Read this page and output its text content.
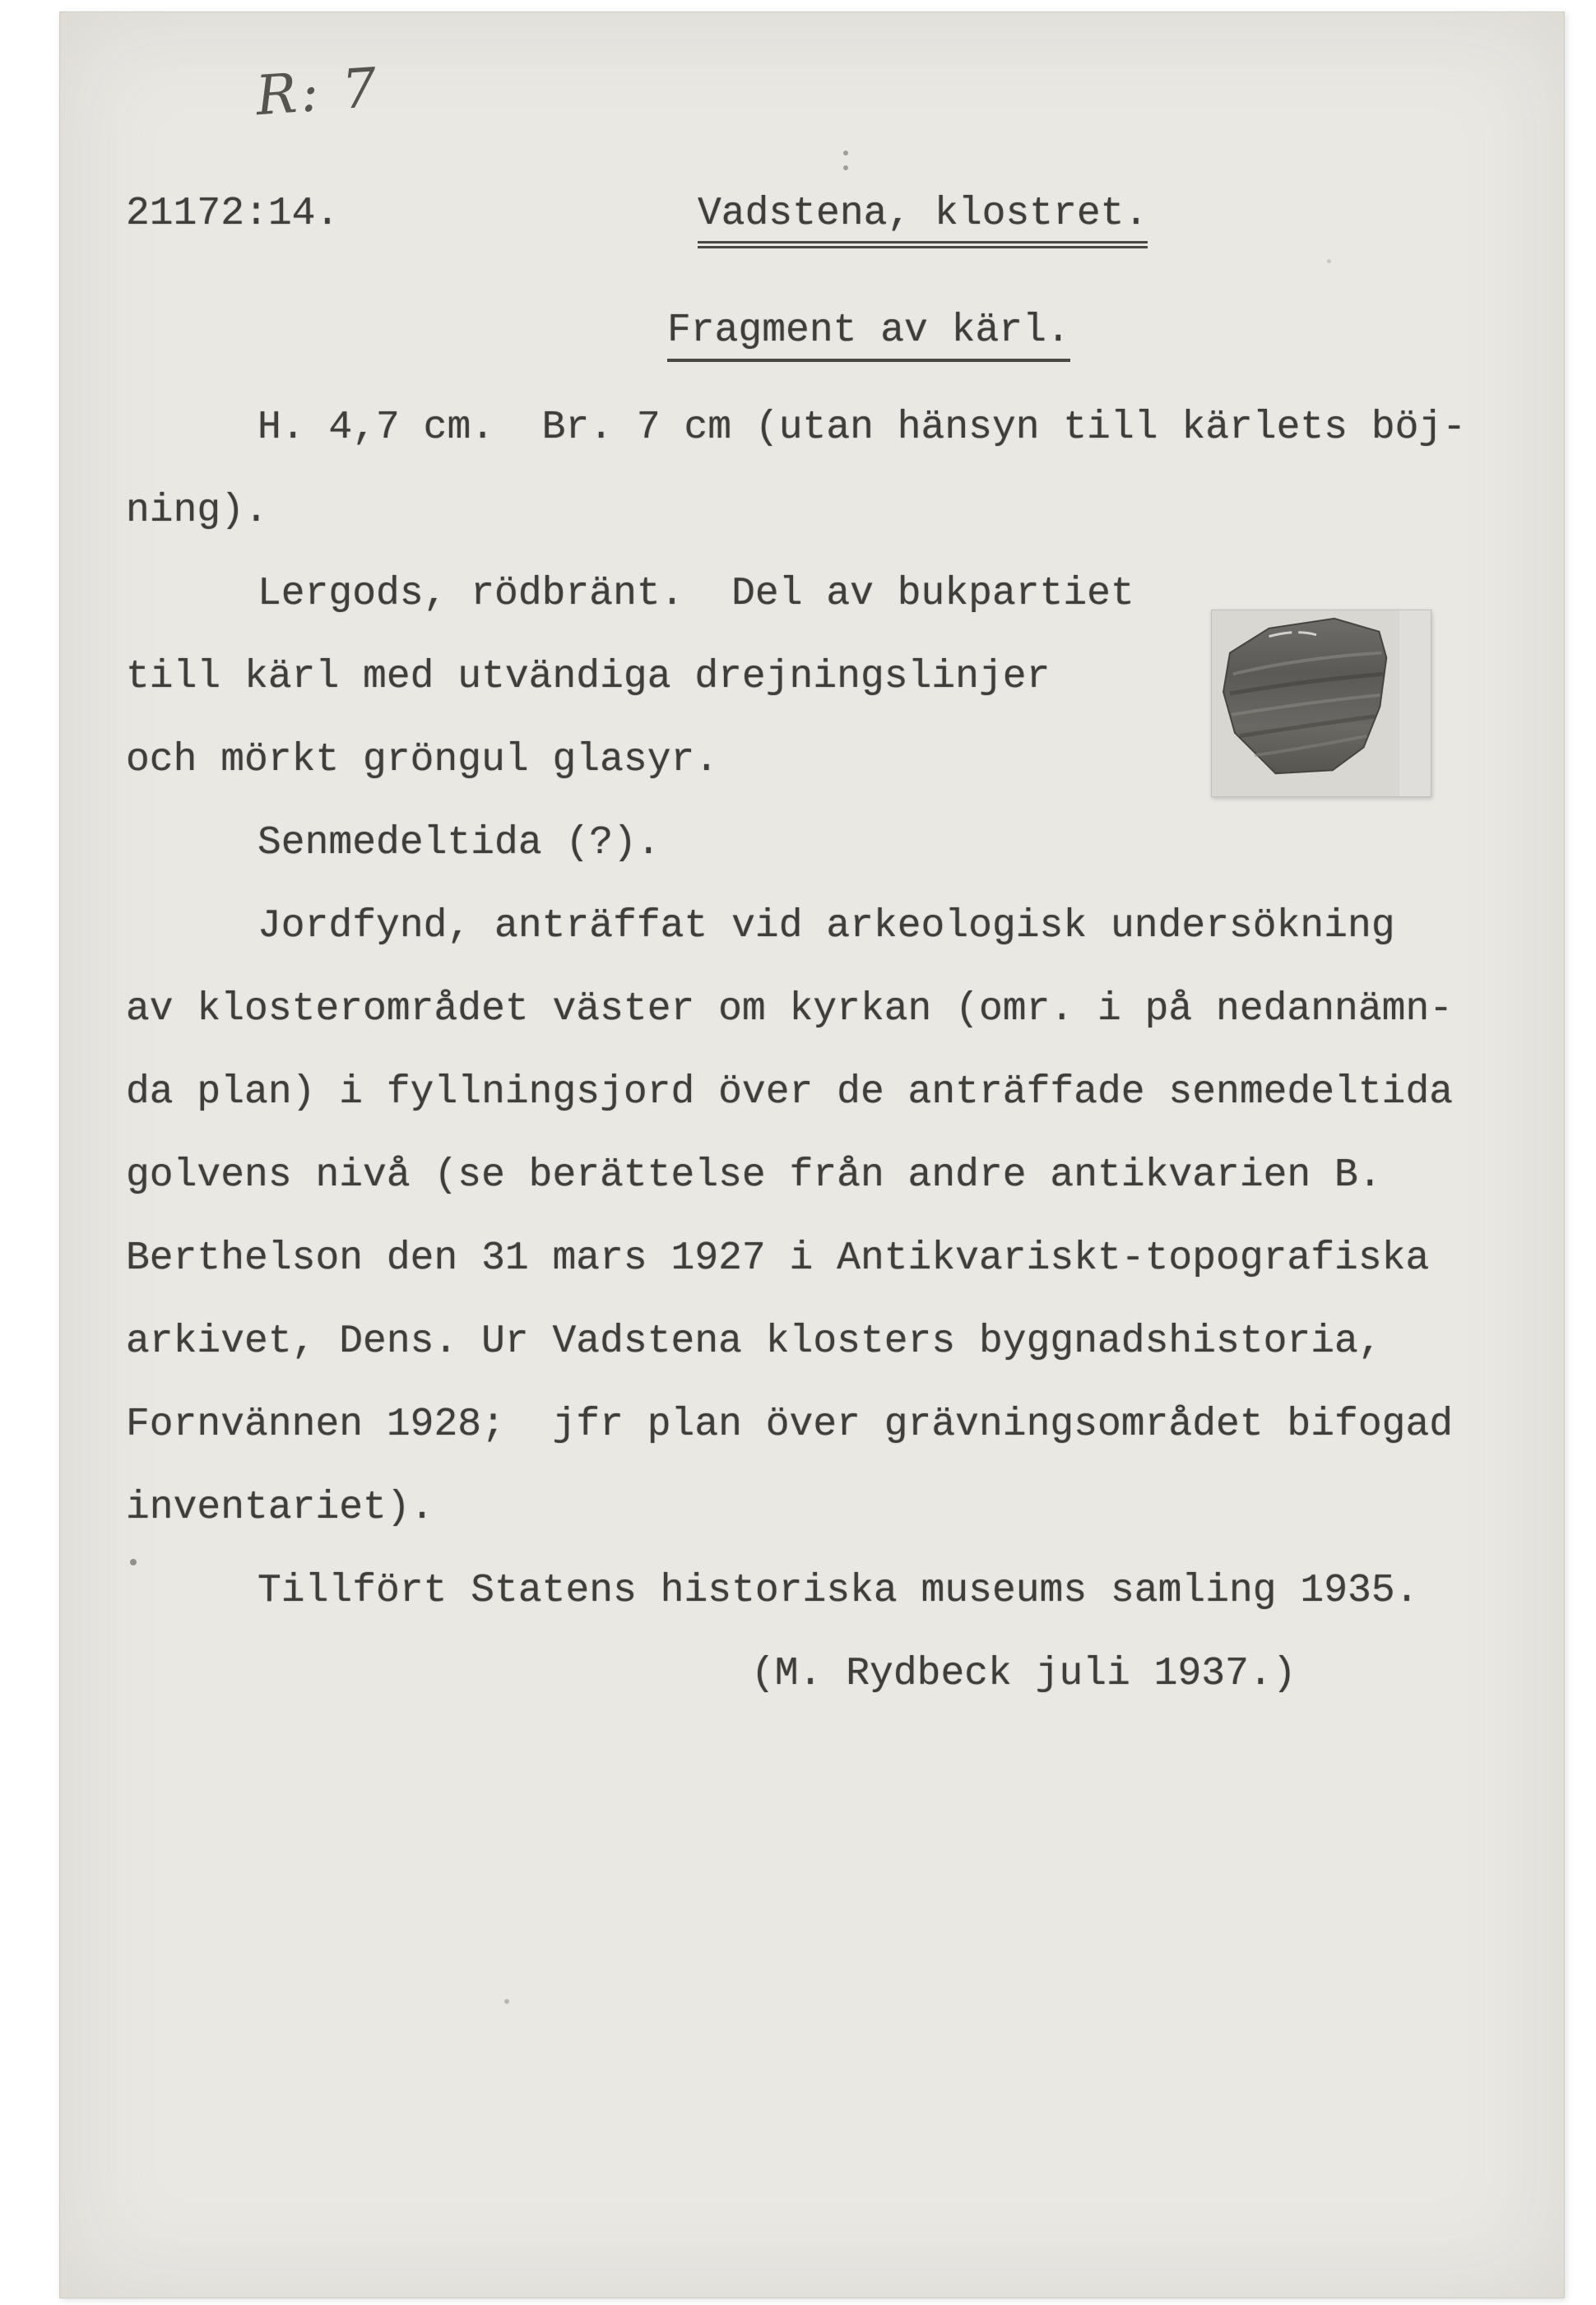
R: 7
21172:14.	Vadstena, klostret.
Fragment av kärl.
H. 4,7 cm.  Br. 7 cm (utan hänsyn till kärlets böj-
ning).
Lergods, rödbränt.  Del av bukpartiet
till kärl med utvändiga drejningslinjer
och mörkt gröngul glasyr.
Senmedeltida (?).
Jordfynd, anträffat vid arkeologisk undersökning
av klosterområdet väster om kyrkan (omr. i på nedannämn-
da plan) i fyllningsjord över de anträffade senmedeltida
golvens nivå (se berättelse från andre antikvarien B.
Berthelson den 31 mars 1927 i Antikvariskt-topografiska
arkivet, Dens. Ur Vadstena klosters byggnadshistoria,
Fornvännen 1928;  jfr plan över grävningsområdet bifogad
inventariet).
Tillfört Statens historiska museums samling 1935.
(M. Rydbeck juli 1937.)
